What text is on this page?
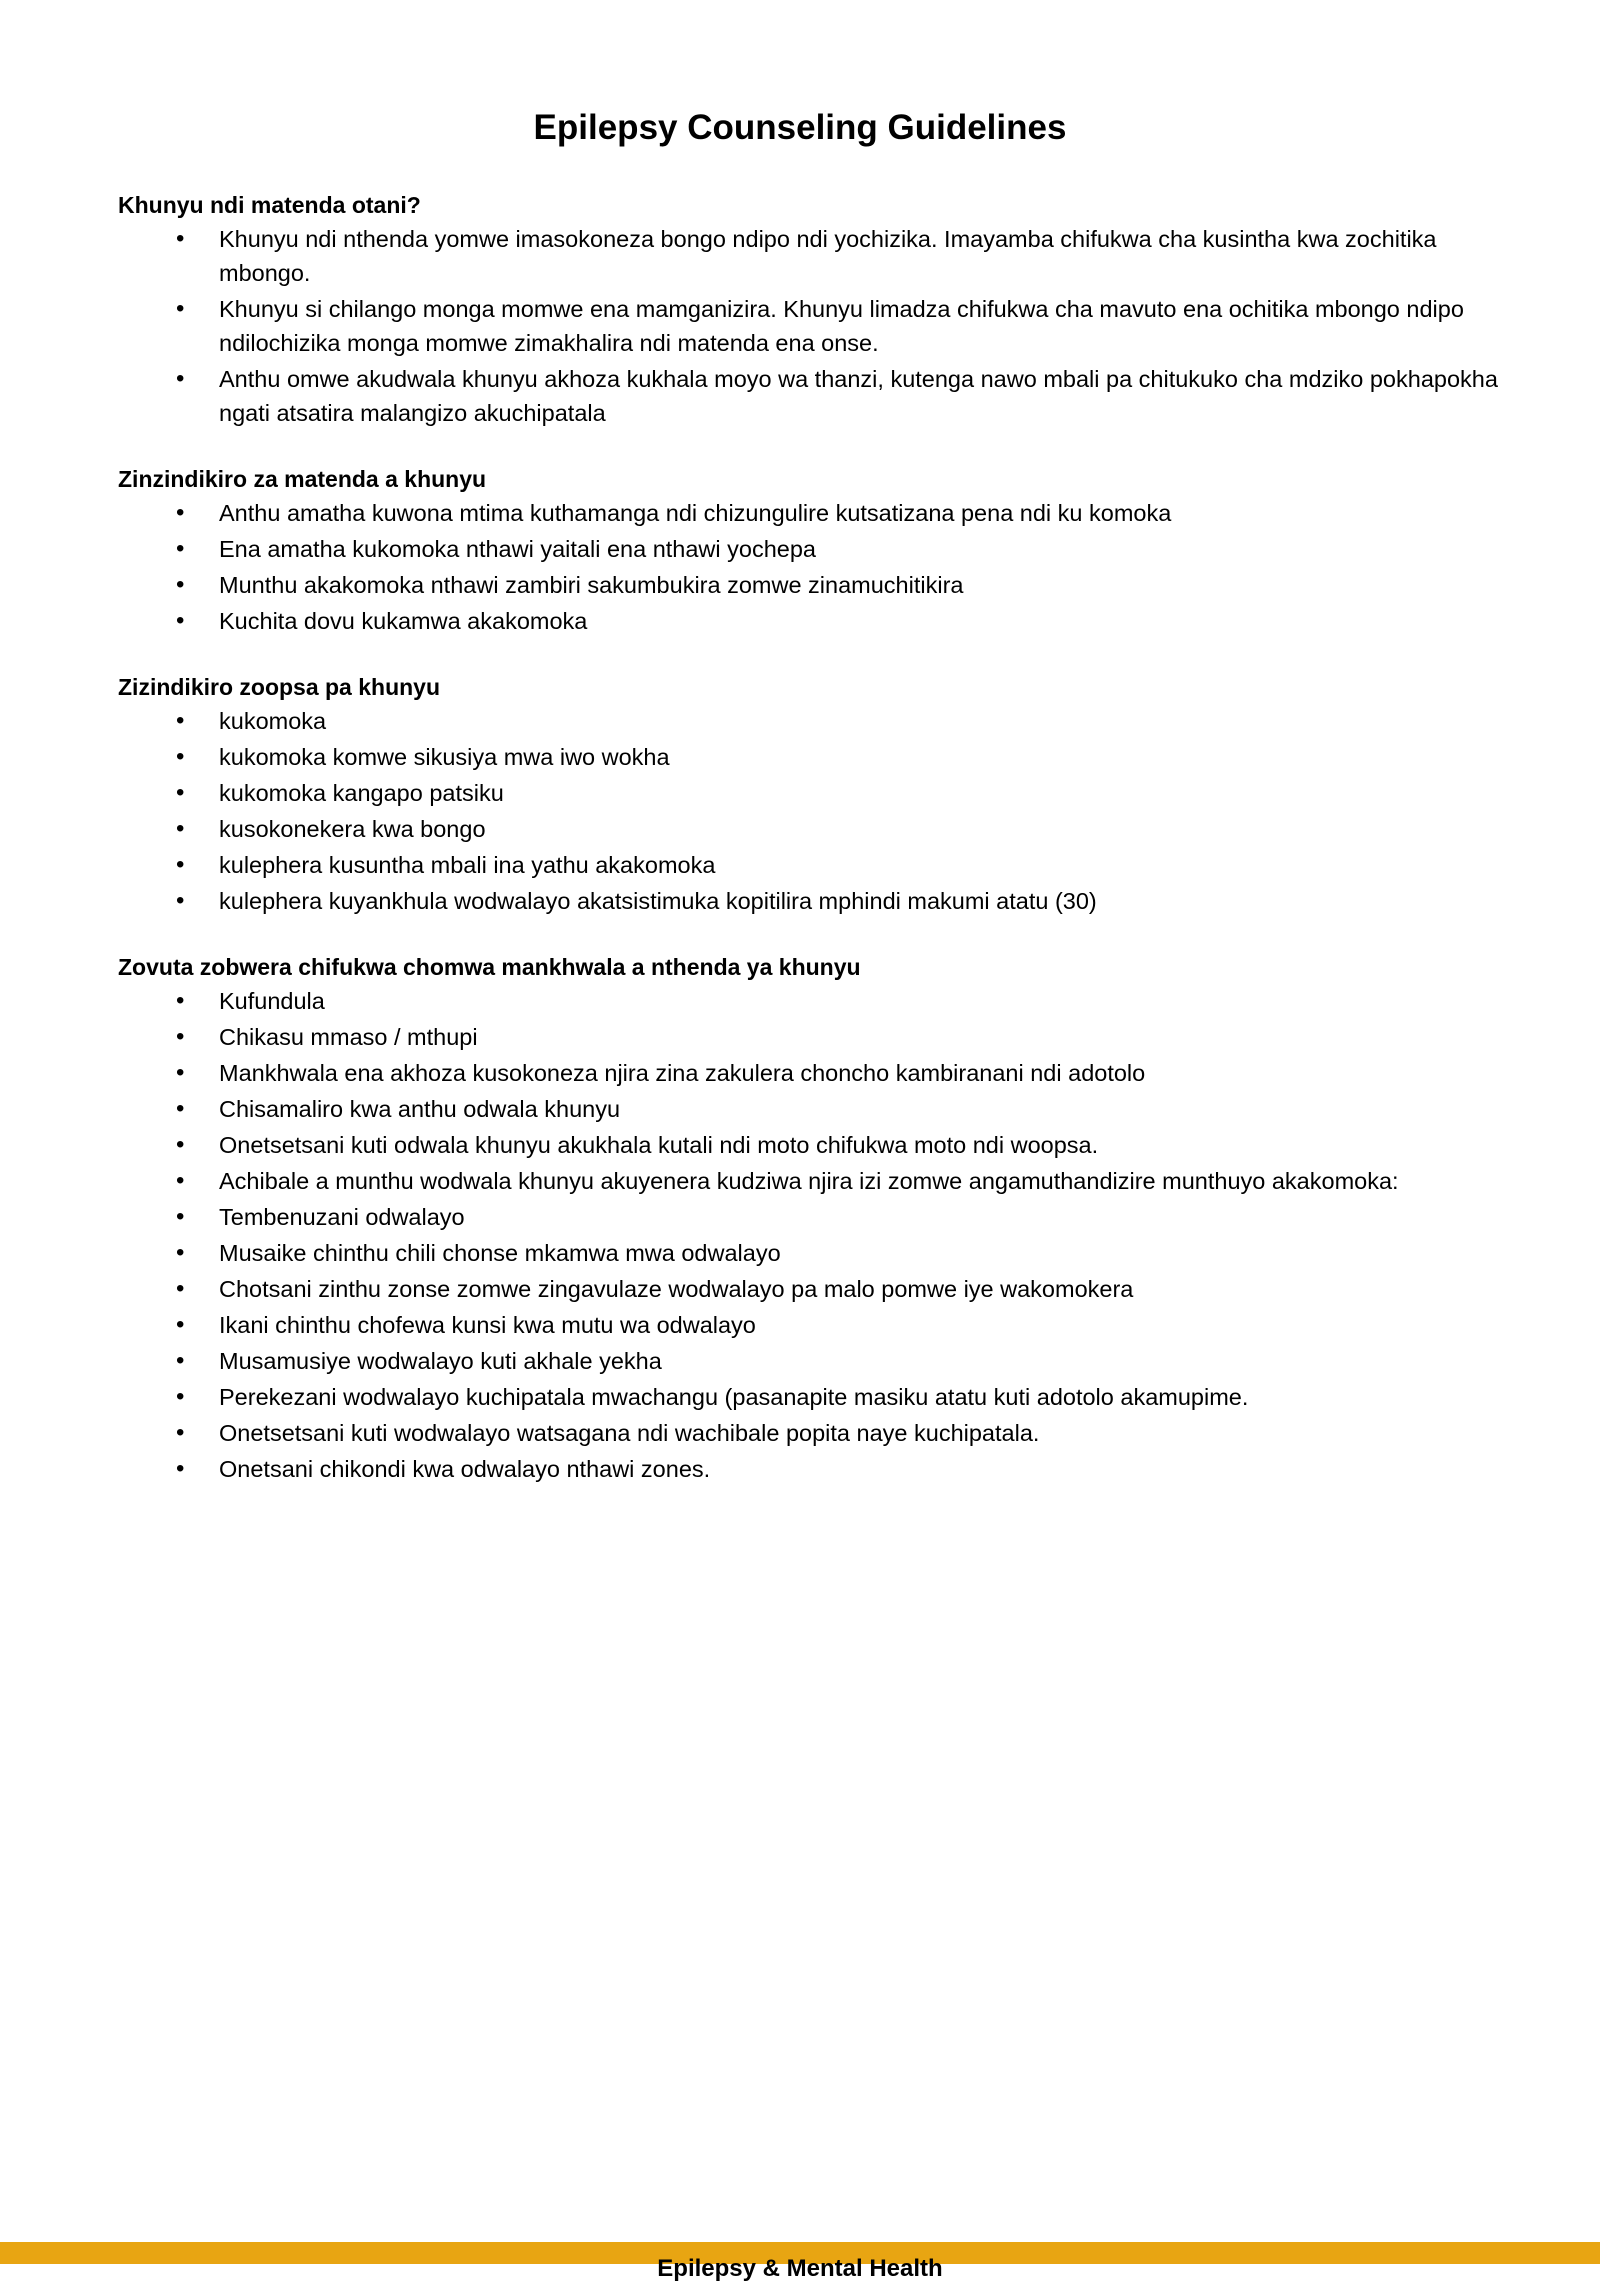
Epilepsy Counseling Guidelines

Khunyu ndi matenda otani?

• Khunyu ndi nthenda yomwe imasokoneza bongo ndipo ndi yochizika. Imayamba chifukwa cha kusintha kwa zochitika mbongo.
• Khunyu si chilango monga momwe ena mamganizira. Khunyu limadza chifukwa cha mavuto ena ochitika mbongo ndipo ndilochizika monga momwe zimakhalira ndi matenda ena onse.
• Anthu omwe akudwala khunyu akhoza kukhala moyo wa thanzi, kutenga nawo mbali pa chitukuko cha mdziko pokhapokha ngati atsatira malangizo akuchipatala

Zinzindikiro za matenda a khunyu

• Anthu amatha kuwona mtima kuthamanga ndi chizungulire kutsatizana pena ndi ku komoka
• Ena amatha kukomoka nthawi yaitali ena nthawi yochepa
• Munthu akakomoka nthawi zambiri sakumbukira zomwe zinamuchitikira
• Kuchita dovu kukamwa akakomoka

Zizindikiro zoopsa pa khunyu

• kukomoka
• kukomoka komwe sikusiya mwa iwo wokha
• kukomoka kangapo patsiku
• kusokonekera kwa bongo
• kulephera kusuntha mbali ina yathu akakomoka
• kulephera kuyankhula wodwalayo akatsistimuka kopitilira mphindi makumi atatu (30)

Zovuta zobwera chifukwa chomwa mankhwala a nthenda ya khunyu

• Kufundula
• Chikasu mmaso / mthupi
• Mankhwala ena akhoza kusokoneza njira zina zakulera choncho kambiranani ndi adotolo
• Chisamaliro kwa anthu odwala khunyu
• Onetsetsani kuti odwala khunyu akukhala kutali ndi moto chifukwa moto ndi woopsa.
• Achibale a munthu wodwala khunyu akuyenera kudziwa njira izi zomwe angamuthandizire munthuyo akakomoka:
• Tembenuzani odwalayo
• Musaike chinthu chili chonse mkamwa mwa odwalayo
• Chotsani zinthu zonse zomwe zingavulaze wodwalayo pa malo pomwe iye wakomokera
• Ikani chinthu chofewa kunsi kwa mutu wa odwalayo
• Musamusiye wodwalayo kuti akhale yekha
• Perekezani wodwalayo kuchipatala mwachangu (pasanapite masiku atatu kuti adotolo akamupime.
• Onetsetsani kuti wodwalayo watsagana ndi wachibale popita naye kuchipatala.
• Onetsani chikondi kwa odwalayo nthawi zones.
Epilepsy & Mental Health
